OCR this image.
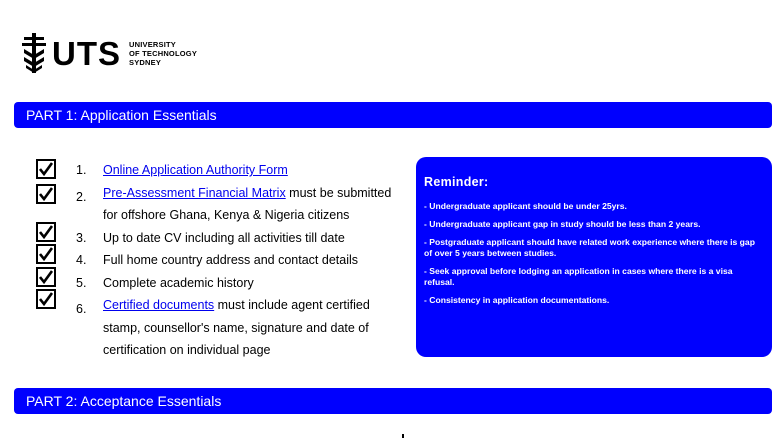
UTS UNIVERSITY
OF TECHNOLOGY
SYDNEY
PART 1: Application Essentials
1. Online Application Authority Form
2. Pre-Assessment Financial Matrix must be submitted
for offshore Ghana, Kenya & Nigeria citizens
3. Up to date CV including all activities till date
4. Full home country address and contact details
5. Complete academic history
6. Certified documents must include agent certified
stamp, counsellor's name, signature and date of
certification on individual page
Reminder:
- Undergraduate applicant should be under 25yrs.
- Undergraduate applicant gap in study should be less than 2 years.
- Postgraduate applicant should have related work experience where there is gap of over 5 years between studies.
- Seek approval before lodging an application in cases where there is a visa refusal.
- Consistency in application documentations.
PART 2: Acceptance Essentials
